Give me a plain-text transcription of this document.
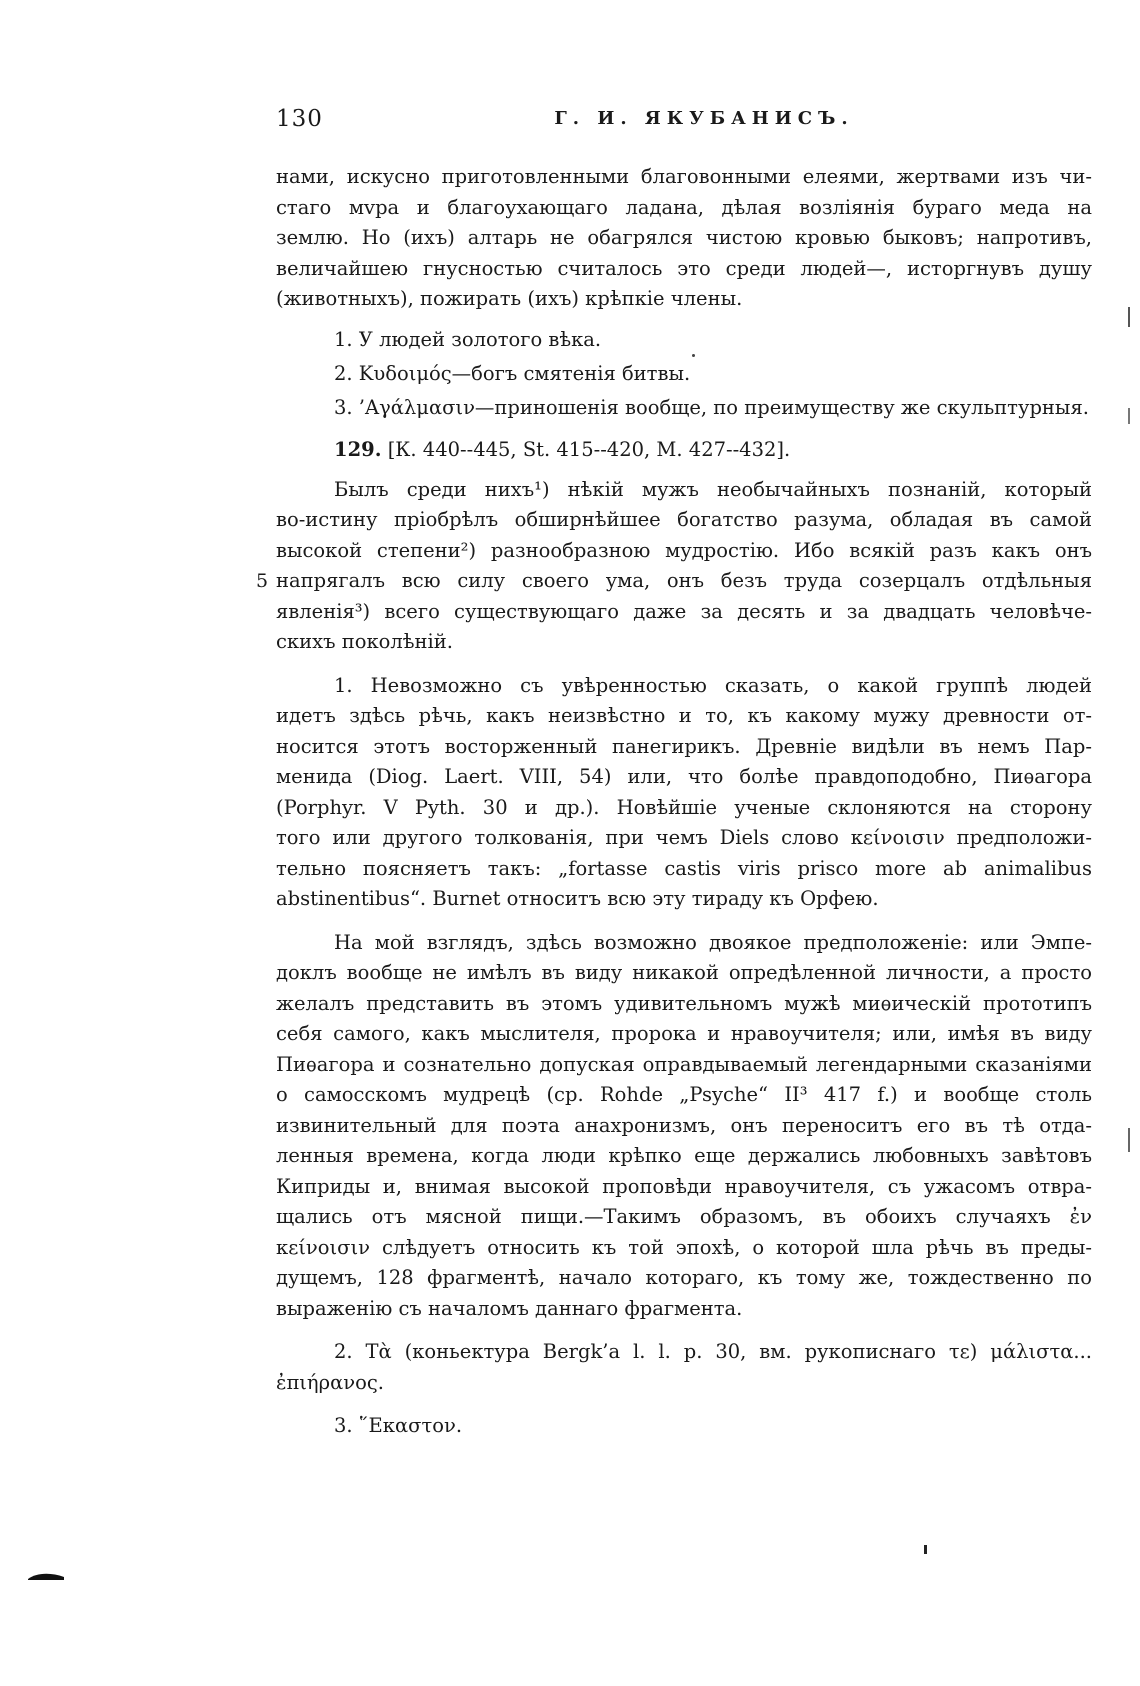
130	Г. И. ЯКУБАНИСЪ.
нами, искусно приготовленными благовонными елеями, жертвами изъ чи-
стаго мvра и благоухающаго ладана, дѣлая возліянія бураго меда на
землю. Но (ихъ) алтарь не обагрялся чистою кровью быковъ; напротивъ,
величайшею гнусностью считалось это среди людей—, исторгнувъ душу
(животныхъ), пожирать (ихъ) крѣпкіе члены.
1. У людей золотого вѣка.
2. Κυδοιμός—богъ смятенія битвы.
3. ’Αγάλμασιν—приношенія вообще, по преимуществу же скульптурныя.
129. [К. 440--445, St. 415--420, М. 427--432].
Былъ среди нихъ¹) нѣкій мужъ необычайныхъ познаній, который
во-истину пріобрѣлъ обширнѣйшее богатство разума, обладая въ самой
высокой степени²) разнообразною мудростію. Ибо всякій разъ какъ онъ
5 напрягалъ всю силу своего ума, онъ безъ труда созерцалъ отдѣльныя
явленія³) всего существующаго даже за десять и за двадцать человѣче-
скихъ поколѣній.
1. Невозможно съ увѣренностью сказать, о какой группѣ людей
идетъ здѣсь рѣчь, какъ неизвѣстно и то, къ какому мужу древности от-
носится этотъ восторженный панегирикъ. Древніе видѣли въ немъ Пар-
менида (Diog. Laert. VIII, 54) или, что болѣе правдоподобно, Пиѳагора
(Porphyr. V Pyth. 30 и др.). Новѣйшіе ученые склоняются на сторону
того или другого толкованія, при чемъ Diels слово κείνοισιν предположи-
тельно поясняетъ такъ: „fortasse castis viris prisco more ab animalibus
abstinentibus“. Burnet относитъ всю эту тираду къ Орфею.
На мой взглядъ, здѣсь возможно двоякое предположеніе: или Эмпе-
доклъ вообще не имѣлъ въ виду никакой опредѣленной личности, а просто
желалъ представить въ этомъ удивительномъ мужѣ миѳическій прототипъ
себя самого, какъ мыслителя, пророка и нравоучителя; или, имѣя въ виду
Пиѳагора и сознательно допуская оправдываемый легендарными сказаніями
о самосскомъ мудрецѣ (ср. Rohde „Psyche“ II³ 417 f.) и вообще столь
извинительный для поэта анахронизмъ, онъ переноситъ его въ тѣ отда-
ленныя времена, когда люди крѣпко еще держались любовныхъ завѣтовъ
Киприды и, внимая высокой проповѣди нравоучителя, съ ужасомъ отвра-
щались отъ мясной пищи.—Такимъ образомъ, въ обоихъ случаяхъ ἐν
κείνοισιν слѣдуетъ относить къ той эпохѣ, о которой шла рѣчь въ преды-
дущемъ, 128 фрагментѣ, начало котораго, къ тому же, тождественно по
выраженію съ началомъ даннаго фрагмента.
2. Τὰ (коньектура Bergk’a l. l. p. 30, вм. рукописнаго τε) μάλιστα...
ἐπιήρανος.
3. ῞Εκαστον.
